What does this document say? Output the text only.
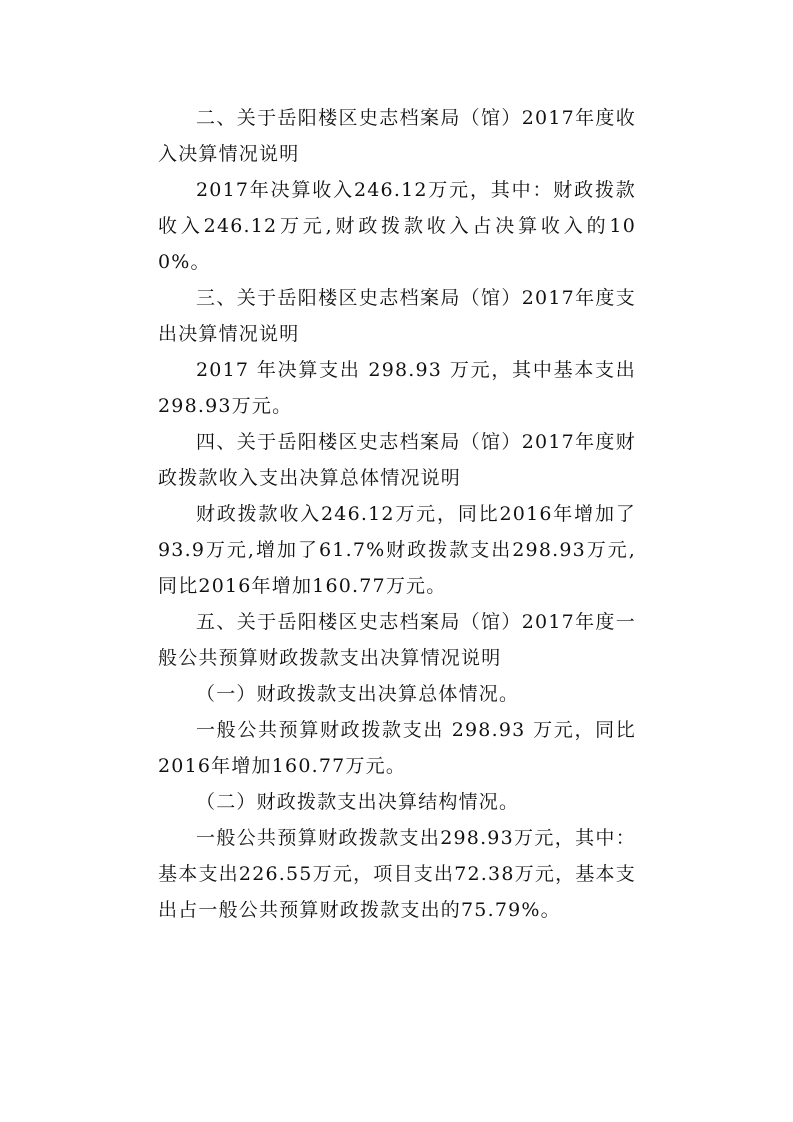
二、关于岳阳楼区史志档案局（馆）2017年度收入决算情况说明

2017年决算收入246.12万元，其中：财政拨款收入246.12万元,财政拨款收入占决算收入的100%。

三、关于岳阳楼区史志档案局（馆）2017年度支出决算情况说明

2017 年决算支出 298.93 万元，其中基本支出298.93万元。

四、关于岳阳楼区史志档案局（馆）2017年度财政拨款收入支出决算总体情况说明

财政拨款收入246.12万元，同比2016年增加了93.9万元,增加了61.7%财政拨款支出298.93万元,同比2016年增加160.77万元。

五、关于岳阳楼区史志档案局（馆）2017年度一般公共预算财政拨款支出决算情况说明

（一）财政拨款支出决算总体情况。

一般公共预算财政拨款支出 298.93 万元，同比2016年增加160.77万元。

（二）财政拨款支出决算结构情况。

一般公共预算财政拨款支出298.93万元，其中：基本支出226.55万元，项目支出72.38万元，基本支出占一般公共预算财政拨款支出的75.79%。
